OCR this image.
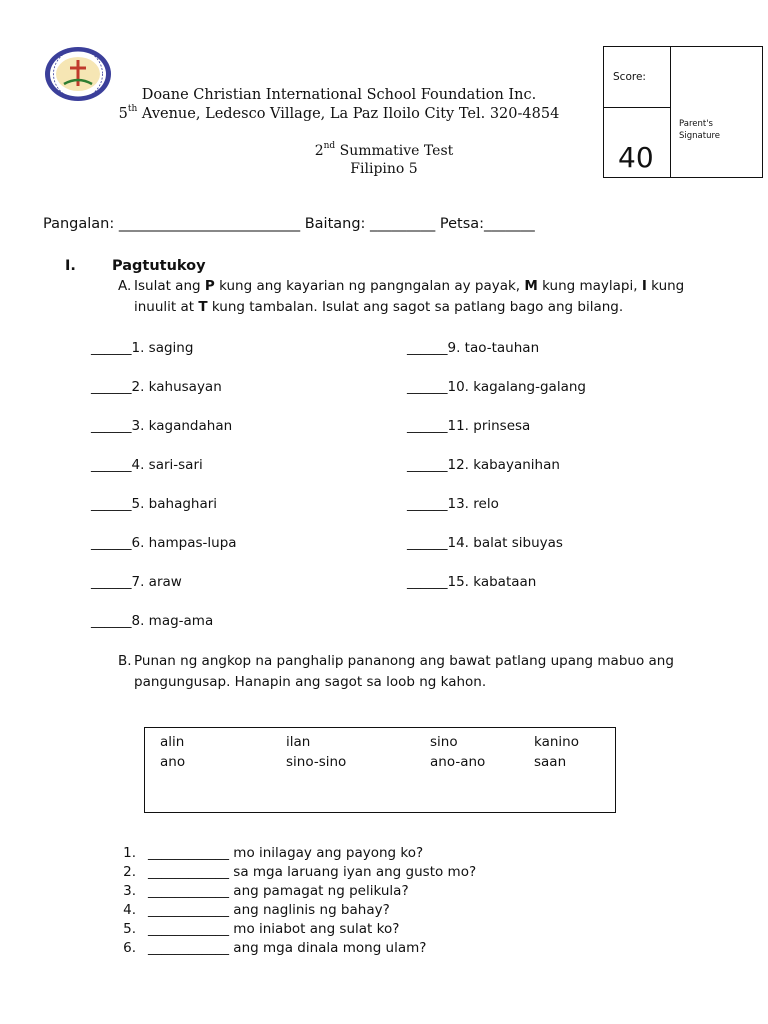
Doane Christian International School Foundation Inc.
5th Avenue, Ledesco Village, La Paz Iloilo City Tel. 320-4854
2nd Summative Test
Filipino 5
Score:
40
Parent's
Signature
Pangalan: _________________________ Baitang: _________ Petsa:_______
I. Pagtutukoy
A. Isulat ang P kung ang kayarian ng pangngalan ay payak, M kung maylapi, I kung
inuulit at T kung tambalan. Isulat ang sagot sa patlang bago ang bilang.
______1. saging
______2. kahusayan
______3. kagandahan
______4. sari-sari
______5. bahaghari
______6. hampas-lupa
______7. araw
______8. mag-ama
______9. tao-tauhan
______10. kagalang-galang
______11. prinsesa
______12. kabayanihan
______13. relo
______14. balat sibuyas
______15. kabataan
B. Punan ng angkop na panghalip pananong ang bawat patlang upang mabuo ang
pangungusap. Hanapin ang sagot sa loob ng kahon.
alin	ilan	sino	kanino
ano	sino-sino	ano-ano	saan
1. ____________ mo inilagay ang payong ko?
2. ____________ sa mga laruang iyan ang gusto mo?
3. ____________ ang pamagat ng pelikula?
4. ____________ ang naglinis ng bahay?
5. ____________ mo iniabot ang sulat ko?
6. ____________ ang mga dinala mong ulam?
